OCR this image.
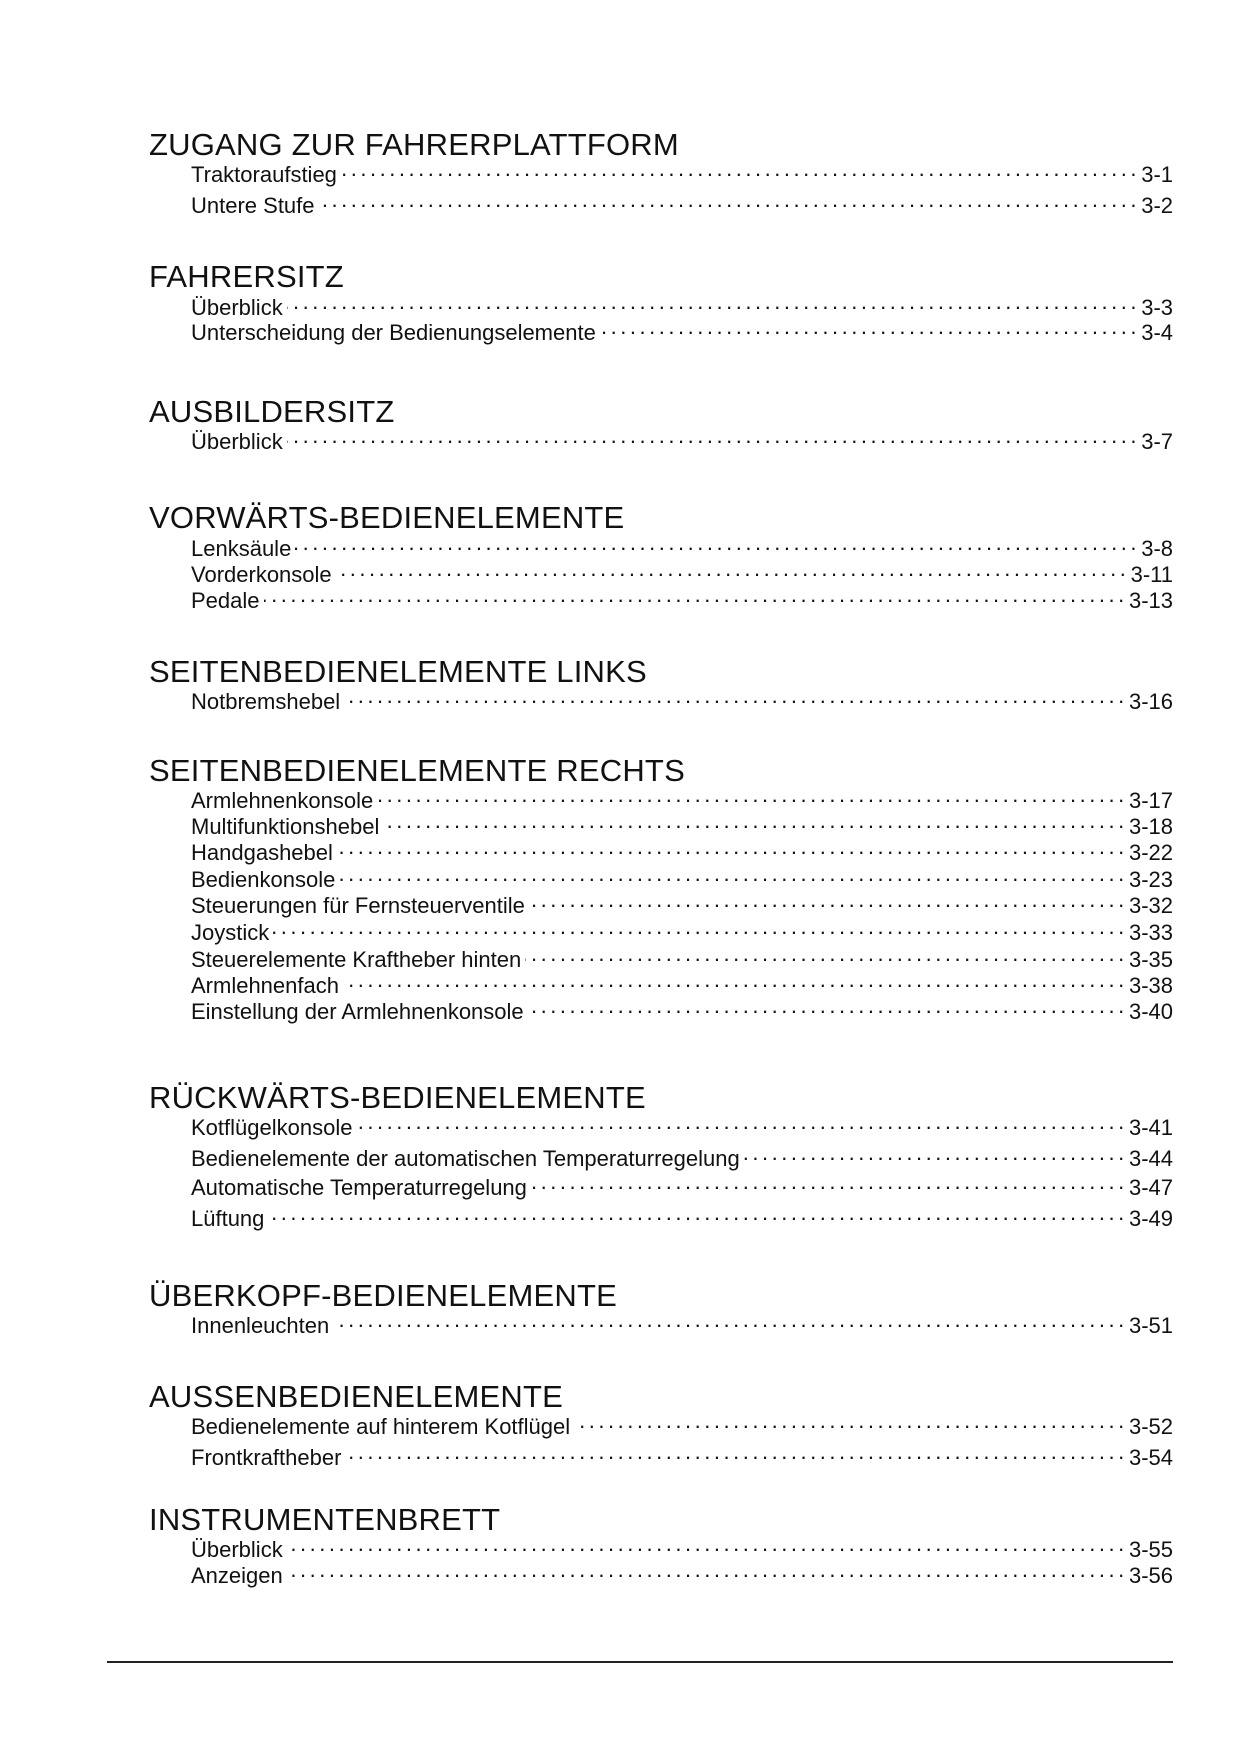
ZUGANG ZUR FAHRERPLATTFORM
Traktoraufstieg . . .	3-1
Untere Stufe . . .	3-2
FAHRERSITZ
Überblick . . .	3-3
Unterscheidung der Bedienungselemente . . .	3-4
AUSBILDERSITZ
Überblick . . .	3-7
VORWÄRTS-BEDIENELEMENTE
Lenksäule . . .	3-8
Vorderkonsole . . .	3-11
Pedale . . .	3-13
SEITENBEDIENELEMENTE LINKS
Notbremshebel . . .	3-16
SEITENBEDIENELEMENTE RECHTS
Armlehnenkonsole . . .	3-17
Multifunktionshebel . . .	3-18
Handgashebel . . .	3-22
Bedienkonsole . . .	3-23
Steuerungen für Fernsteuerventile . . .	3-32
Joystick . . .	3-33
Steuerelemente Kraftheber hinten . . .	3-35
Armlehnenfach . . .	3-38
Einstellung der Armlehnenkonsole . . .	3-40
RÜCKWÄRTS-BEDIENELEMENTE
Kotflügelkonsole . . .	3-41
Bedienelemente der automatischen Temperaturregelung . . .	3-44
Automatische Temperaturregelung . . .	3-47
Lüftung . . .	3-49
ÜBERKOPF-BEDIENELEMENTE
Innenleuchten . . .	3-51
AUSSENBEDIENELEMENTE
Bedienelemente auf hinterem Kotflügel . . .	3-52
Frontkraftheber . . .	3-54
INSTRUMENTENBRETT
Überblick . . .	3-55
Anzeigen . . .	3-56
